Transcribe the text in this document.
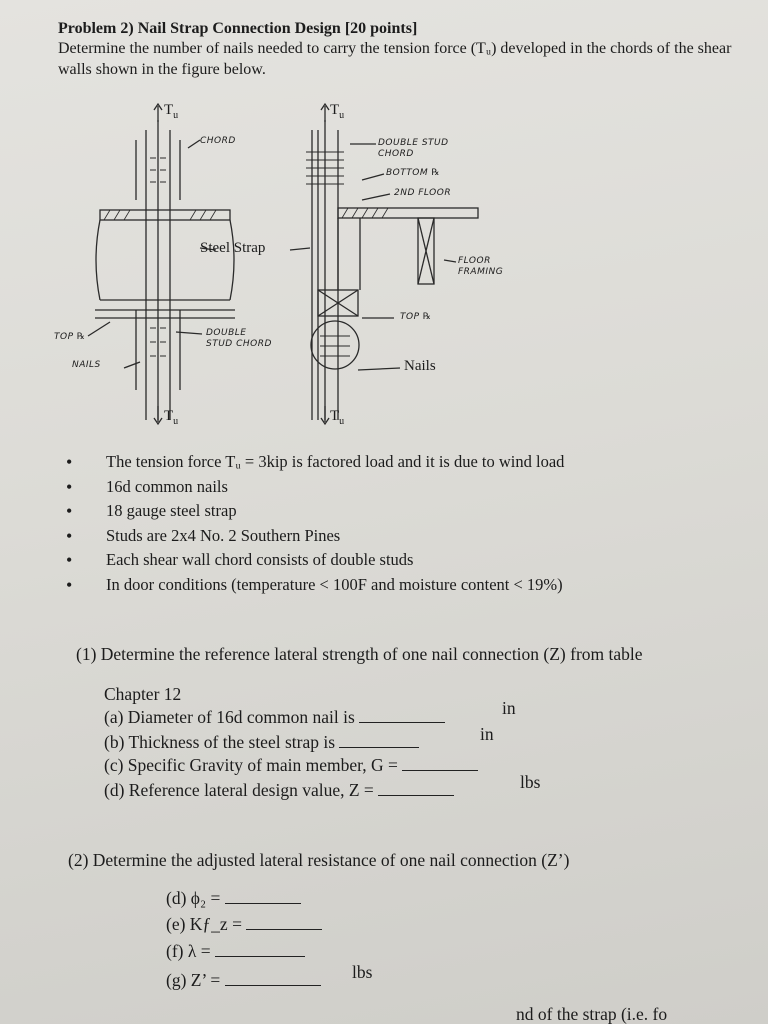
Problem 2) Nail Strap Connection Design [20 points]
Determine the number of nails needed to carry the tension force (Tᵤ) developed in the chords of the shear walls shown in the figure below.
$T_u$	$T_u$
$T_u$	$T_u$
CHORD	DOUBLE STUD
CHORD
BOTTOM ℞
2ND FLOOR
Steel Strap
FLOOR
FRAMING
TOP ℞
TOP ℞	DOUBLE
STUD CHORD
NAILS	Nails
• The tension force Tᵤ = 3kip is factored load and it is due to wind load
• 16d common nails
• 18 gauge steel strap
• Studs are 2x4 No. 2 Southern Pines
• Each shear wall chord consists of double studs
• In door conditions (temperature < 100F and moisture content < 19%)
(1) Determine the reference lateral strength of one nail connection (Z) from table
Chapter 12
(a) Diameter of 16d common nail is	in
(b) Thickness of the steel strap is	in
(c) Specific Gravity of main member, G =
(d) Reference lateral design value, Z =	lbs
(2) Determine the adjusted lateral resistance of one nail connection (Z’)
(d) ϕ₂ =
(e) Kƒ_z =
(f) λ =
(g) Z’ =	lbs
nd of the strap (i.e. fo
